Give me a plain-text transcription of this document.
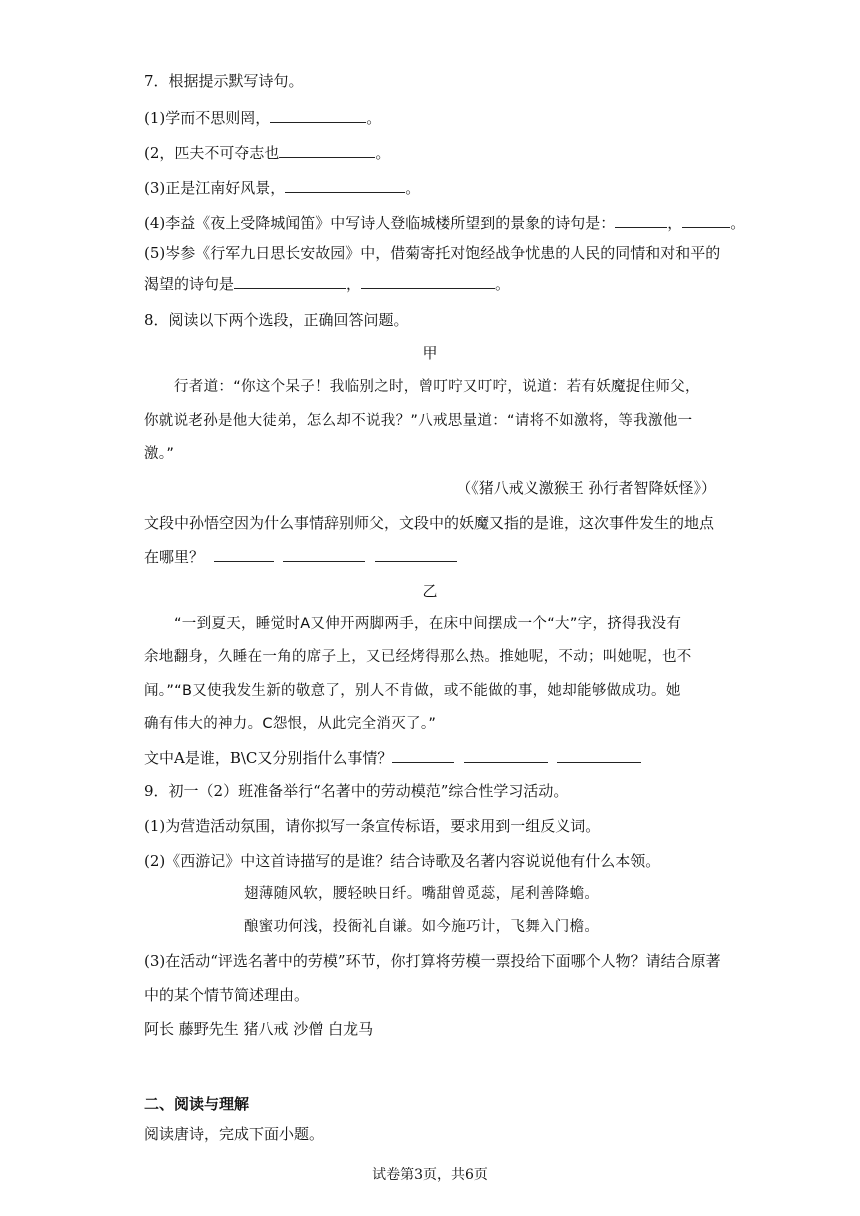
7．根据提示默写诗句。
(1)学而不思则罔，	。
(2，匹夫不可夺志也	。
(3)正是江南好风景，	。
(4)李益《夜上受降城闻笛》中写诗人登临城楼所望到的景象的诗句是：	，	。
(5)岑参《行军九日思长安故园》中，借菊寄托对饱经战争忧患的人民的同情和对和平的
渴望的诗句是	，	。
8．阅读以下两个选段，正确回答问题。
甲
行者道：“你这个呆子！我临别之时，曾叮咛又叮咛，说道：若有妖魔捉住师父，
你就说老孙是他大徒弟，怎么却不说我？”八戒思量道：“请将不如激将，等我激他一
激。”
（《猪八戒义激猴王 孙行者智降妖怪》）
文段中孙悟空因为什么事情辞别师父，文段中的妖魔又指的是谁，这次事件发生的地点
在哪里？
乙
“一到夏天，睡觉时A又伸开两脚两手，在床中间摆成一个“大”字，挤得我没有
余地翻身，久睡在一角的席子上，又已经烤得那么热。推她呢，不动；叫她呢，也不
闻。”“B又使我发生新的敬意了，别人不肯做，或不能做的事，她却能够做成功。她
确有伟大的神力。C怨恨，从此完全消灭了。”
文中A是谁，B\C又分别指什么事情？
9．初一（2）班准备举行“名著中的劳动模范”综合性学习活动。
(1)为营造活动氛围，请你拟写一条宣传标语，要求用到一组反义词。
(2)《西游记》中这首诗描写的是谁？结合诗歌及名著内容说说他有什么本领。
翅薄随风软，腰轻映日纤。嘴甜曾觅蕊，尾利善降蟾。
酿蜜功何浅，投衙礼自谦。如今施巧计，飞舞入门檐。
(3)在活动“评选名著中的劳模”环节，你打算将劳模一票投给下面哪个人物？请结合原著
中的某个情节简述理由。
阿长 藤野先生 猪八戒 沙僧 白龙马
二、阅读与理解
阅读唐诗，完成下面小题。
试卷第3页，共6页
